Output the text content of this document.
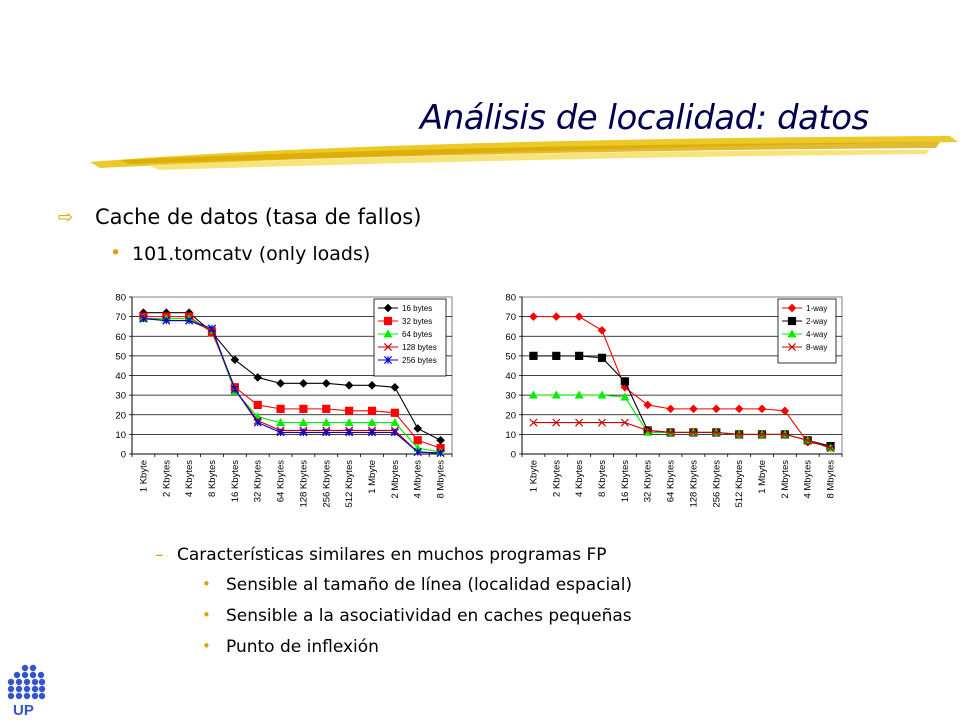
Análisis de localidad: datos
⇨ Cache de datos (tasa de fallos)
• 101.tomcatv (only loads)
0
10
20
30
40
50
60
70
80
1 Kbyte 2 Kbytes 4 Kbytes 8 Kbytes 16 Kbytes 32 Kbytes 64 Kbytes 128 Kbytes 256 Kbytes 512 Kbytes 1 Mbyte 2 Mbytes 4 Mbytes 8 Mbytes
16 bytes
32 bytes
64 bytes
128 bytes
256 bytes
0
10
20
30
40
50
60
70
80
1 Kbyte 2 Kbytes 4 Kbytes 8 Kbytes 16 Kbytes 32 Kbytes 64 Kbytes 128 Kbytes 256 Kbytes 512 Kbytes 1 Mbyte 2 Mbytes 4 Mbytes 8 Mbytes
1-way
2-way
4-way
8-way
– Características similares en muchos programas FP
• Sensible al tamaño de línea (localidad espacial)
• Sensible a la asociatividad en caches pequeñas
• Punto de inflexión
UP
